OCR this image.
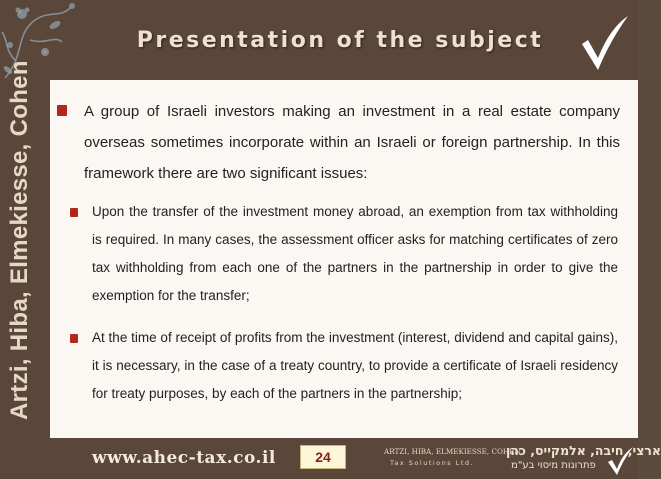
Presentation of the subject
Artzi, Hiba, Elmekiesse, Cohen	A group of Israeli investors making an investment in a real estate company overseas sometimes incorporate within an Israeli or foreign partnership. In this framework there are two significant issues:
Upon the transfer of the investment money abroad, an exemption from tax withholding is required. In many cases, the assessment officer asks for matching certificates of zero tax withholding from each one of the partners in the partnership in order to give the exemption for the transfer;
At the time of receipt of profits from the investment (interest, dividend and capital gains), it is necessary, in the case of a treaty country, to provide a certificate of Israeli residency for treaty purposes, by each of the partners in the partnership;
www.ahec-tax.co.il	24	ARTZI, HIBA, ELMEKIESSE, COHEN
Tax Solutions Ltd.
ארצי, חיבה, אלמקייס, כהן
פתרונות מיסוי בע"מ
